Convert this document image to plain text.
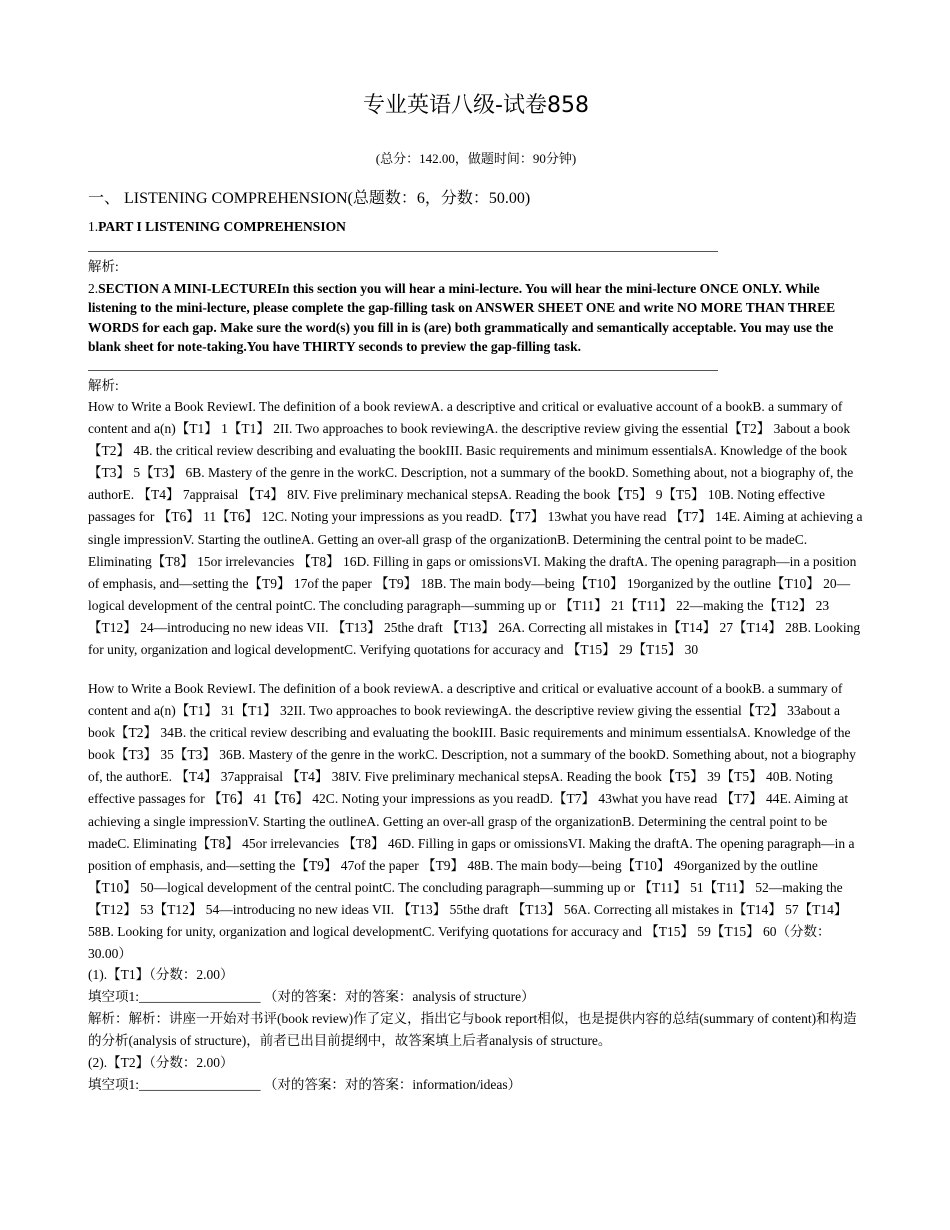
专业英语八级-试卷858
(总分：142.00，做题时间：90分钟)
一、 LISTENING COMPREHENSION(总题数：6，分数：50.00)
1.PART I LISTENING COMPREHENSION
解析:
2.SECTION A MINI-LECTUREIn this section you will hear a mini-lecture. You will hear the mini-lecture ONCE ONLY. While listening to the mini-lecture, please complete the gap-filling task on ANSWER SHEET ONE and write NO MORE THAN THREE WORDS for each gap. Make sure the word(s) you fill in is (are) both grammatically and semantically acceptable. You may use the blank sheet for note-taking.You have THIRTY seconds to preview the gap-filling task.
解析:

How to Write a Book ReviewI. The definition of a book reviewA. a descriptive and critical or evaluative account of a bookB. a summary of content and a(n)【T1】 1【T1】 2II. Two approaches to book reviewingA. the descriptive review giving the essential【T2】 3about a book【T2】 4B. the critical review describing and evaluating the bookIII. Basic requirements and minimum essentialsA. Knowledge of the book【T3】 5【T3】 6B. Mastery of the genre in the workC. Description, not a summary of the bookD. Something about, not a biography of, the authorE. 【T4】 7appraisal 【T4】 8IV. Five preliminary mechanical stepsA. Reading the book【T5】 9【T5】 10B. Noting effective passages for 【T6】 11【T6】 12C. Noting your impressions as you readD.【T7】 13what you have read 【T7】 14E. Aiming at achieving a single impressionV. Starting the outlineA. Getting an over-all grasp of the organizationB. Determining the central point to be madeC. Eliminating【T8】 15or irrelevancies 【T8】 16D. Filling in gaps or omissionsVI. Making the draftA. The opening paragraph—in a position of emphasis, and—setting the【T9】 17of the paper 【T9】 18B. The main body—being【T10】 19organized by the outline【T10】 20—logical development of the central pointC. The concluding paragraph—summing up or 【T11】 21【T11】 22—making the【T12】 23【T12】 24—introducing no new ideas VII. 【T13】 25the draft 【T13】 26A. Correcting all mistakes in【T14】 27【T14】 28B. Looking for unity, organization and logical developmentC. Verifying quotations for accuracy and 【T15】 29【T15】 30

How to Write a Book ReviewI. The definition of a book reviewA. a descriptive and critical or evaluative account of a bookB. a summary of content and a(n)【T1】 31【T1】 32II. Two approaches to book reviewingA. the descriptive review giving the essential【T2】 33about a book【T2】 34B. the critical review describing and evaluating the bookIII. Basic requirements and minimum essentialsA. Knowledge of the book【T3】 35【T3】 36B. Mastery of the genre in the workC. Description, not a summary of the bookD. Something about, not a biography of, the authorE. 【T4】 37appraisal 【T4】 38IV. Five preliminary mechanical stepsA. Reading the book【T5】 39【T5】 40B. Noting effective passages for 【T6】 41【T6】 42C. Noting your impressions as you readD.【T7】 43what you have read 【T7】 44E. Aiming at achieving a single impressionV. Starting the outlineA. Getting an over-all grasp of the organizationB. Determining the central point to be madeC. Eliminating【T8】 45or irrelevancies 【T8】 46D. Filling in gaps or omissionsVI. Making the draftA. The opening paragraph—in a position of emphasis, and—setting the【T9】 47of the paper 【T9】 48B. The main body—being【T10】 49organized by the outline【T10】 50—logical development of the central pointC. The concluding paragraph—summing up or 【T11】 51【T11】 52—making the【T12】 53【T12】 54—introducing no new ideas VII. 【T13】 55the draft 【T13】 56A. Correcting all mistakes in【T14】 57【T14】 58B. Looking for unity, organization and logical developmentC. Verifying quotations for accuracy and 【T15】 59【T15】 60（分数：30.00）

(1).【T1】（分数：2.00）
填空项1:__________________ （对的答案：对的答案：analysis of structure）
解析：解析：讲座一开始对书评(book review)作了定义，指出它与book report相似，也是提供内容的总结(summary of content)和构造的分析(analysis of structure)，前者已出目前提纲中，故答案填上后者analysis of structure。
(2).【T2】（分数：2.00）
填空项1:__________________ （对的答案：对的答案：information/ideas）
